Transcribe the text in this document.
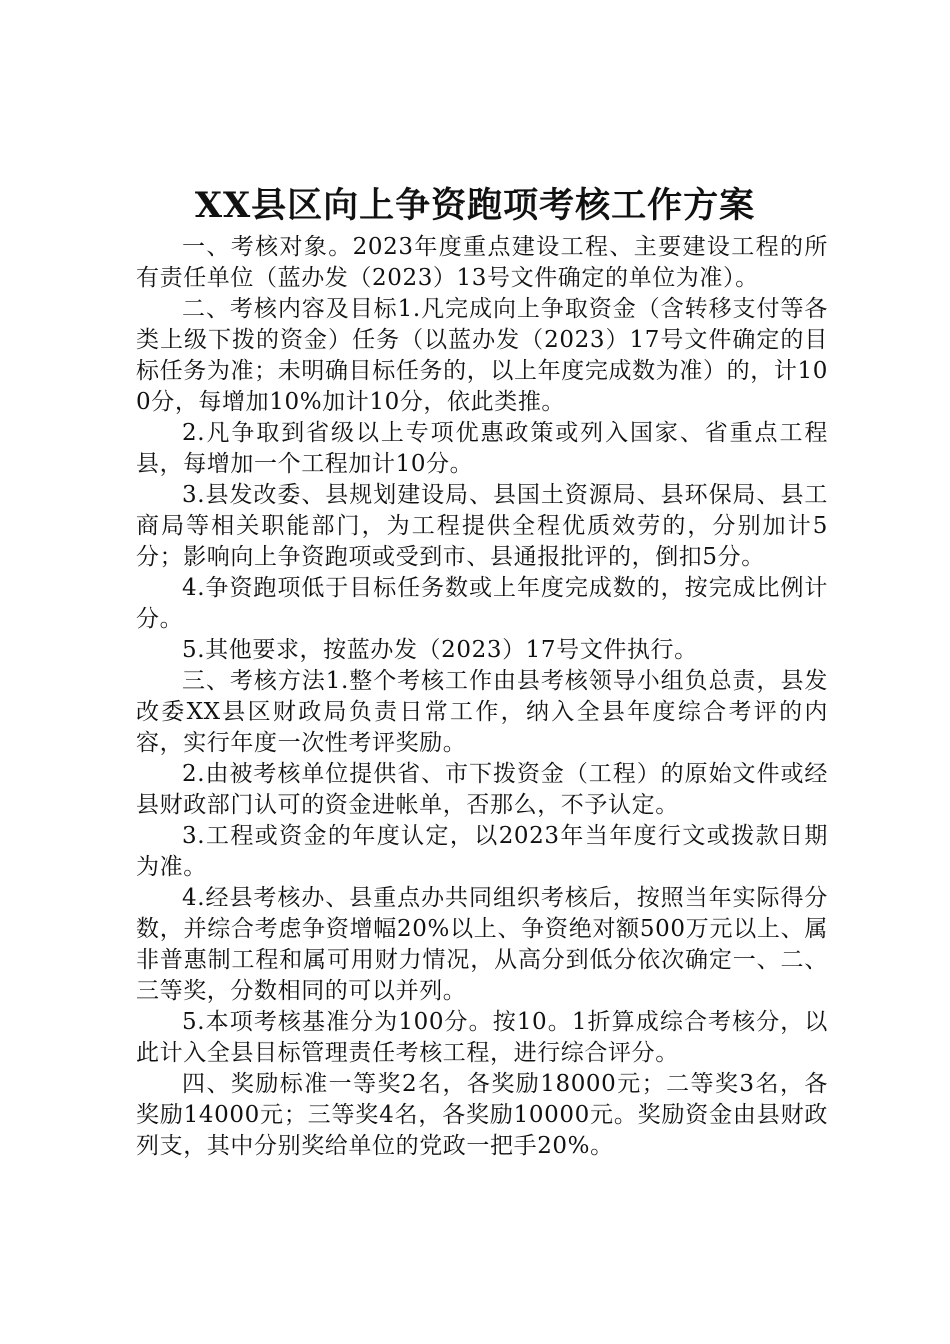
XX县区向上争资跑项考核工作方案

一、考核对象。2023年度重点建设工程、主要建设工程的所有责任单位（蓝办发（2023）13号文件确定的单位为准）。

二、考核内容及目标1.凡完成向上争取资金（含转移支付等各类上级下拨的资金）任务（以蓝办发（2023）17号文件确定的目标任务为准；未明确目标任务的，以上年度完成数为准）的，计100分，每增加10%加计10分，依此类推。

2.凡争取到省级以上专项优惠政策或列入国家、省重点工程县，每增加一个工程加计10分。

3.县发改委、县规划建设局、县国土资源局、县环保局、县工商局等相关职能部门，为工程提供全程优质效劳的，分别加计5分；影响向上争资跑项或受到市、县通报批评的，倒扣5分。

4.争资跑项低于目标任务数或上年度完成数的，按完成比例计分。

5.其他要求，按蓝办发（2023）17号文件执行。

三、考核方法1.整个考核工作由县考核领导小组负总责，县发改委XX县区财政局负责日常工作，纳入全县年度综合考评的内容，实行年度一次性考评奖励。

2.由被考核单位提供省、市下拨资金（工程）的原始文件或经县财政部门认可的资金进帐单，否那么，不予认定。

3.工程或资金的年度认定，以2023年当年度行文或拨款日期为准。

4.经县考核办、县重点办共同组织考核后，按照当年实际得分数，并综合考虑争资增幅20%以上、争资绝对额500万元以上、属非普惠制工程和属可用财力情况，从高分到低分依次确定一、二、三等奖，分数相同的可以并列。

5.本项考核基准分为100分。按10。1折算成综合考核分，以此计入全县目标管理责任考核工程，进行综合评分。

四、奖励标准一等奖2名，各奖励18000元；二等奖3名，各奖励14000元；三等奖4名，各奖励10000元。奖励资金由县财政列支，其中分别奖给单位的党政一把手20%。
